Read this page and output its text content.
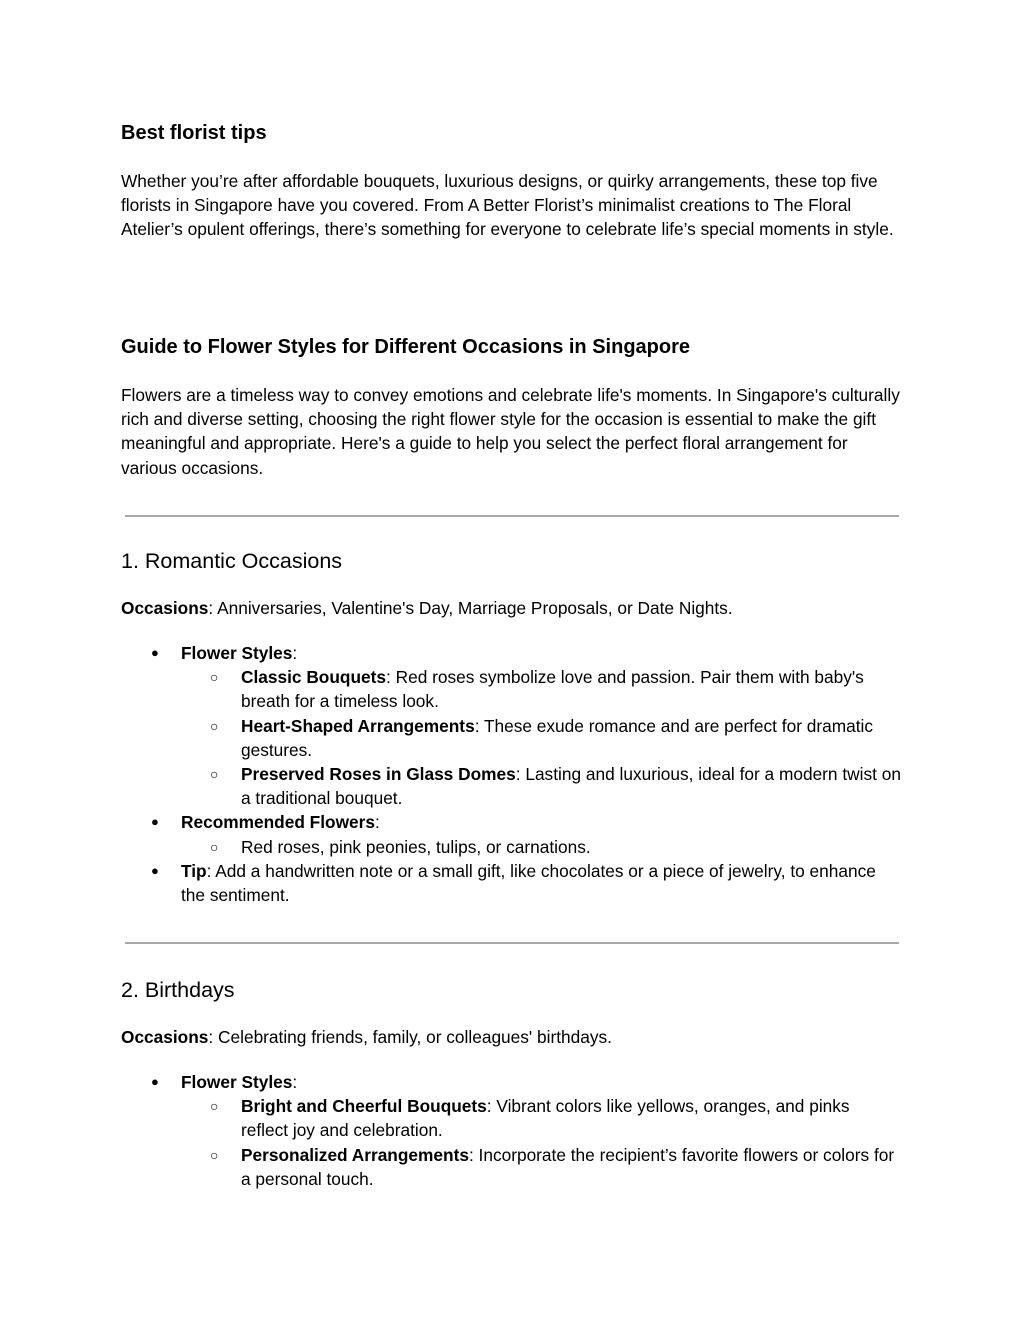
Best florist tips

Whether you’re after affordable bouquets, luxurious designs, or quirky arrangements, these top five florists in Singapore have you covered. From A Better Florist’s minimalist creations to The Floral Atelier’s opulent offerings, there’s something for everyone to celebrate life’s special moments in style.

Guide to Flower Styles for Different Occasions in Singapore

Flowers are a timeless way to convey emotions and celebrate life's moments. In Singapore's culturally rich and diverse setting, choosing the right flower style for the occasion is essential to make the gift meaningful and appropriate. Here's a guide to help you select the perfect floral arrangement for various occasions.

1. Romantic Occasions

Occasions: Anniversaries, Valentine's Day, Marriage Proposals, or Date Nights.

● Flower Styles:
○ Classic Bouquets: Red roses symbolize love and passion. Pair them with baby's breath for a timeless look.
○ Heart-Shaped Arrangements: These exude romance and are perfect for dramatic gestures.
○ Preserved Roses in Glass Domes: Lasting and luxurious, ideal for a modern twist on a traditional bouquet.
● Recommended Flowers:
○ Red roses, pink peonies, tulips, or carnations.
● Tip: Add a handwritten note or a small gift, like chocolates or a piece of jewelry, to enhance the sentiment.
2. Birthdays

Occasions: Celebrating friends, family, or colleagues' birthdays.

● Flower Styles:
○ Bright and Cheerful Bouquets: Vibrant colors like yellows, oranges, and pinks reflect joy and celebration.
○ Personalized Arrangements: Incorporate the recipient’s favorite flowers or colors for a personal touch.
